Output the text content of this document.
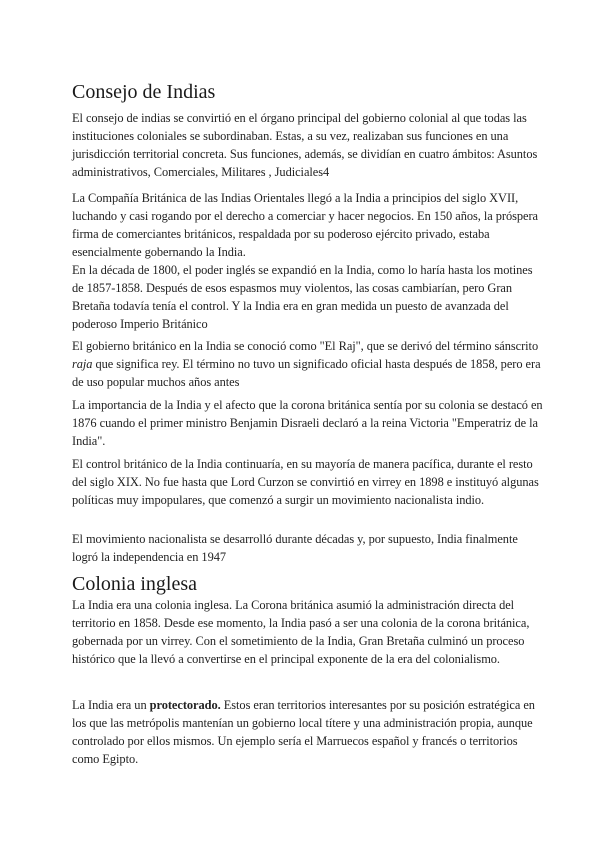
Consejo de Indias

El consejo de indias se convirtió en el órgano principal del gobierno colonial al que todas las instituciones coloniales se subordinaban. Estas, a su vez, realizaban sus funciones en una jurisdicción territorial concreta. Sus funciones, además, se dividían en cuatro ámbitos: Asuntos administrativos, Comerciales, Militares , Judiciales4

La Compañía Británica de las Indias Orientales llegó a la India a principios del siglo XVII, luchando y casi rogando por el derecho a comerciar y hacer negocios. En 150 años, la próspera firma de comerciantes británicos, respaldada por su poderoso ejército privado, estaba esencialmente gobernando la India.

En la década de 1800, el poder inglés se expandió en la India, como lo haría hasta los motines de 1857-1858. Después de esos espasmos muy violentos, las cosas cambiarían, pero Gran Bretaña todavía tenía el control. Y la India era en gran medida un puesto de avanzada del poderoso Imperio Británico

El gobierno británico en la India se conoció como "El Raj", que se derivó del término sánscrito raja que significa rey. El término no tuvo un significado oficial hasta después de 1858, pero era de uso popular muchos años antes

La importancia de la India y el afecto que la corona británica sentía por su colonia se destacó en 1876 cuando el primer ministro Benjamin Disraeli declaró a la reina Victoria "Emperatriz de la India".

El control británico de la India continuaría, en su mayoría de manera pacífica, durante el resto del siglo XIX. No fue hasta que Lord Curzon se convirtió en virrey en 1898 e instituyó algunas políticas muy impopulares, que comenzó a surgir un movimiento nacionalista indio.

El movimiento nacionalista se desarrolló durante décadas y, por supuesto, India finalmente logró la independencia en 1947

Colonia inglesa

La India era una colonia inglesa. La Corona británica asumió la administración directa del territorio en 1858. Desde ese momento, la India pasó a ser una colonia de la corona británica, gobernada por un virrey. Con el sometimiento de la India, Gran Bretaña culminó un proceso histórico que la llevó a convertirse en el principal exponente de la era del colonialismo.

La India era un protectorado. Estos eran territorios interesantes por su posición estratégica en los que las metrópolis mantenían un gobierno local títere y una administración propia, aunque controlado por ellos mismos. Un ejemplo sería el Marruecos español y francés o territorios como Egipto.
